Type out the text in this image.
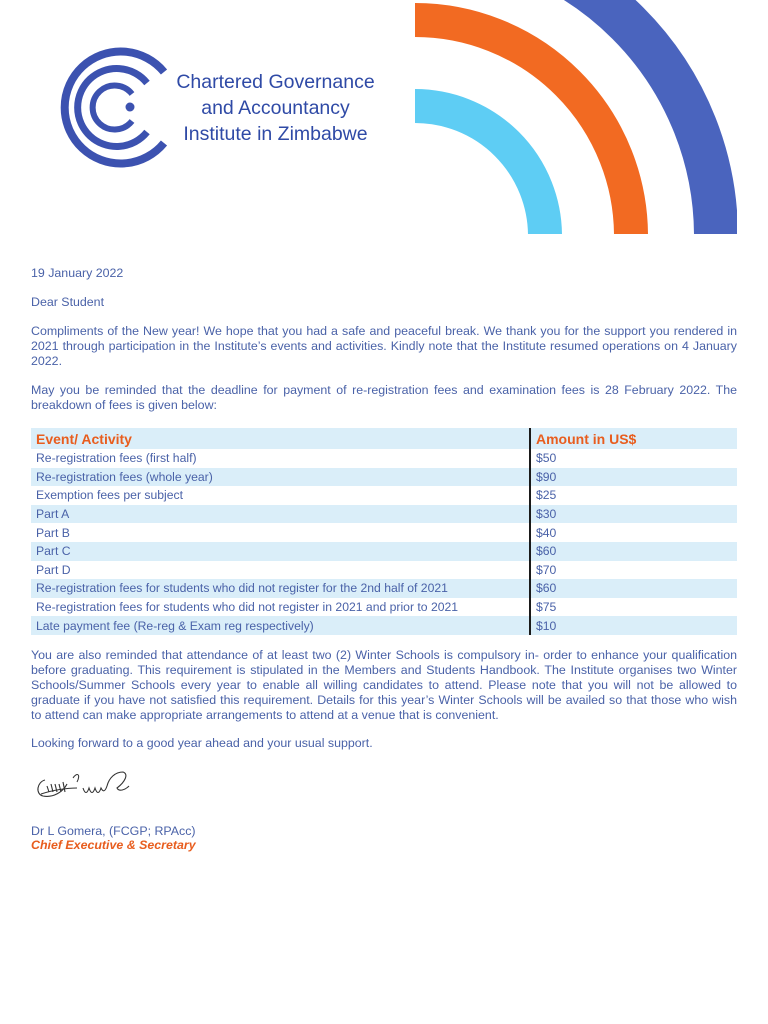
Chartered Governance
and Accountancy
Institute in Zimbabwe
19 January 2022
Dear Student
Compliments of the New year! We hope that you had a safe and peaceful break. We thank you for the support you rendered in 2021 through participation in the Institute’s events and activities. Kindly note that the Institute resumed operations on 4 January 2022.
May you be reminded that the deadline for payment of re-registration fees and examination fees is 28 February 2022. The breakdown of fees is given below:
Event/ Activity	Amount in US$
Re-registration fees (first half)	$50
Re-registration fees (whole year)	$90
Exemption fees per subject	$25
Part A	$30
Part B	$40
Part C	$60
Part D	$70
Re-registration fees for students who did not register for the 2nd half of 2021	$60
Re-registration fees for students who did not register in 2021 and prior to 2021	$75
Late payment fee (Re-reg & Exam reg respectively)	$10
You are also reminded that attendance of at least two (2) Winter Schools is compulsory in- order to enhance your qualification before graduating. This requirement is stipulated in the Members and Students Handbook. The Institute organises two Winter Schools/Summer Schools every year to enable all willing candidates to attend. Please note that you will not be allowed to graduate if you have not satisfied this requirement. Details for this year’s Winter Schools will be availed so that those who wish to attend can make appropriate arrangements to attend at a venue that is convenient.
Looking forward to a good year ahead and your usual support.
Dr L Gomera, (FCGP; RPAcc)
Chief Executive & Secretary
